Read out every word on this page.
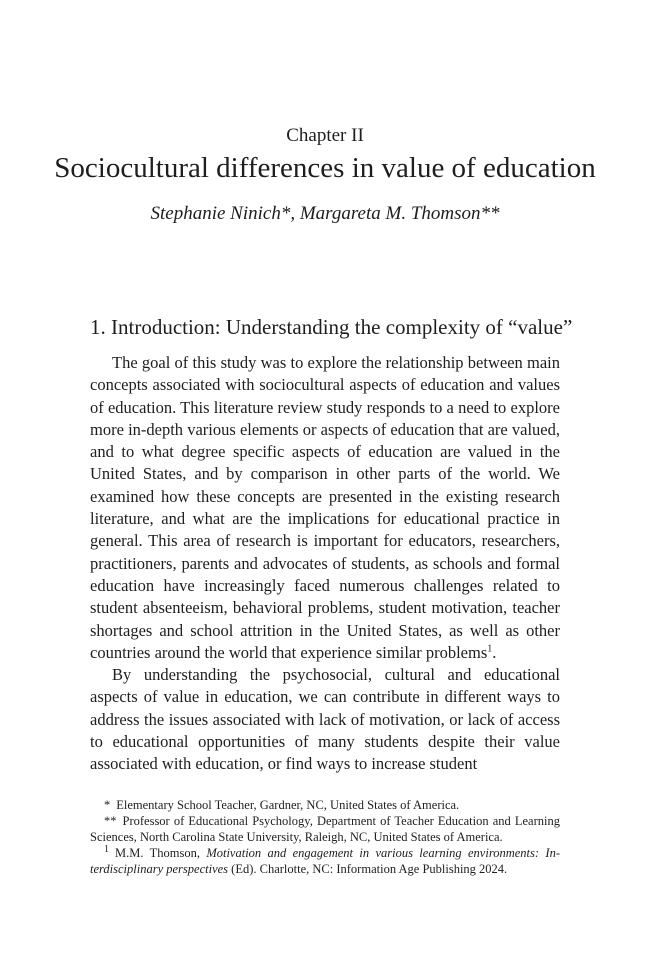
Chapter II
Sociocultural differences in value of education
Stephanie Ninich*, Margareta M. Thomson**
1. Introduction: Understanding the complexity of “value”

The goal of this study was to explore the relationship between main concepts associated with sociocultural aspects of education and values of education. This literature review study responds to a need to explore more in-depth various elements or aspects of education that are valued, and to what degree specific aspects of education are valued in the United States, and by comparison in other parts of the world. We examined how these concepts are presented in the existing research literature, and what are the implications for educational practice in general. This area of research is important for educators, researchers, practitioners, parents and advocates of students, as schools and formal education have increasingly faced numerous challenges related to student absenteeism, behavioral problems, student motivation, teacher shortages and school attrition in the United States, as well as other countries around the world that experience similar problems$^1$.

By understanding the psychosocial, cultural and educational aspects of value in education, we can contribute in different ways to address the issues associated with lack of motivation, or lack of access to educational opportunities of many students despite their value associated with education, or find ways to increase student

* Elementary School Teacher, Gardner, NC, United States of America.

** Professor of Educational Psychology, Department of Teacher Education and Learning Sciences, North Carolina State University, Raleigh, NC, United States of America.

$^1$ M.M. Thomson, Motivation and engagement in various learning environments: Interdisciplinary perspectives (Ed). Charlotte, NC: Information Age Publishing 2024.
